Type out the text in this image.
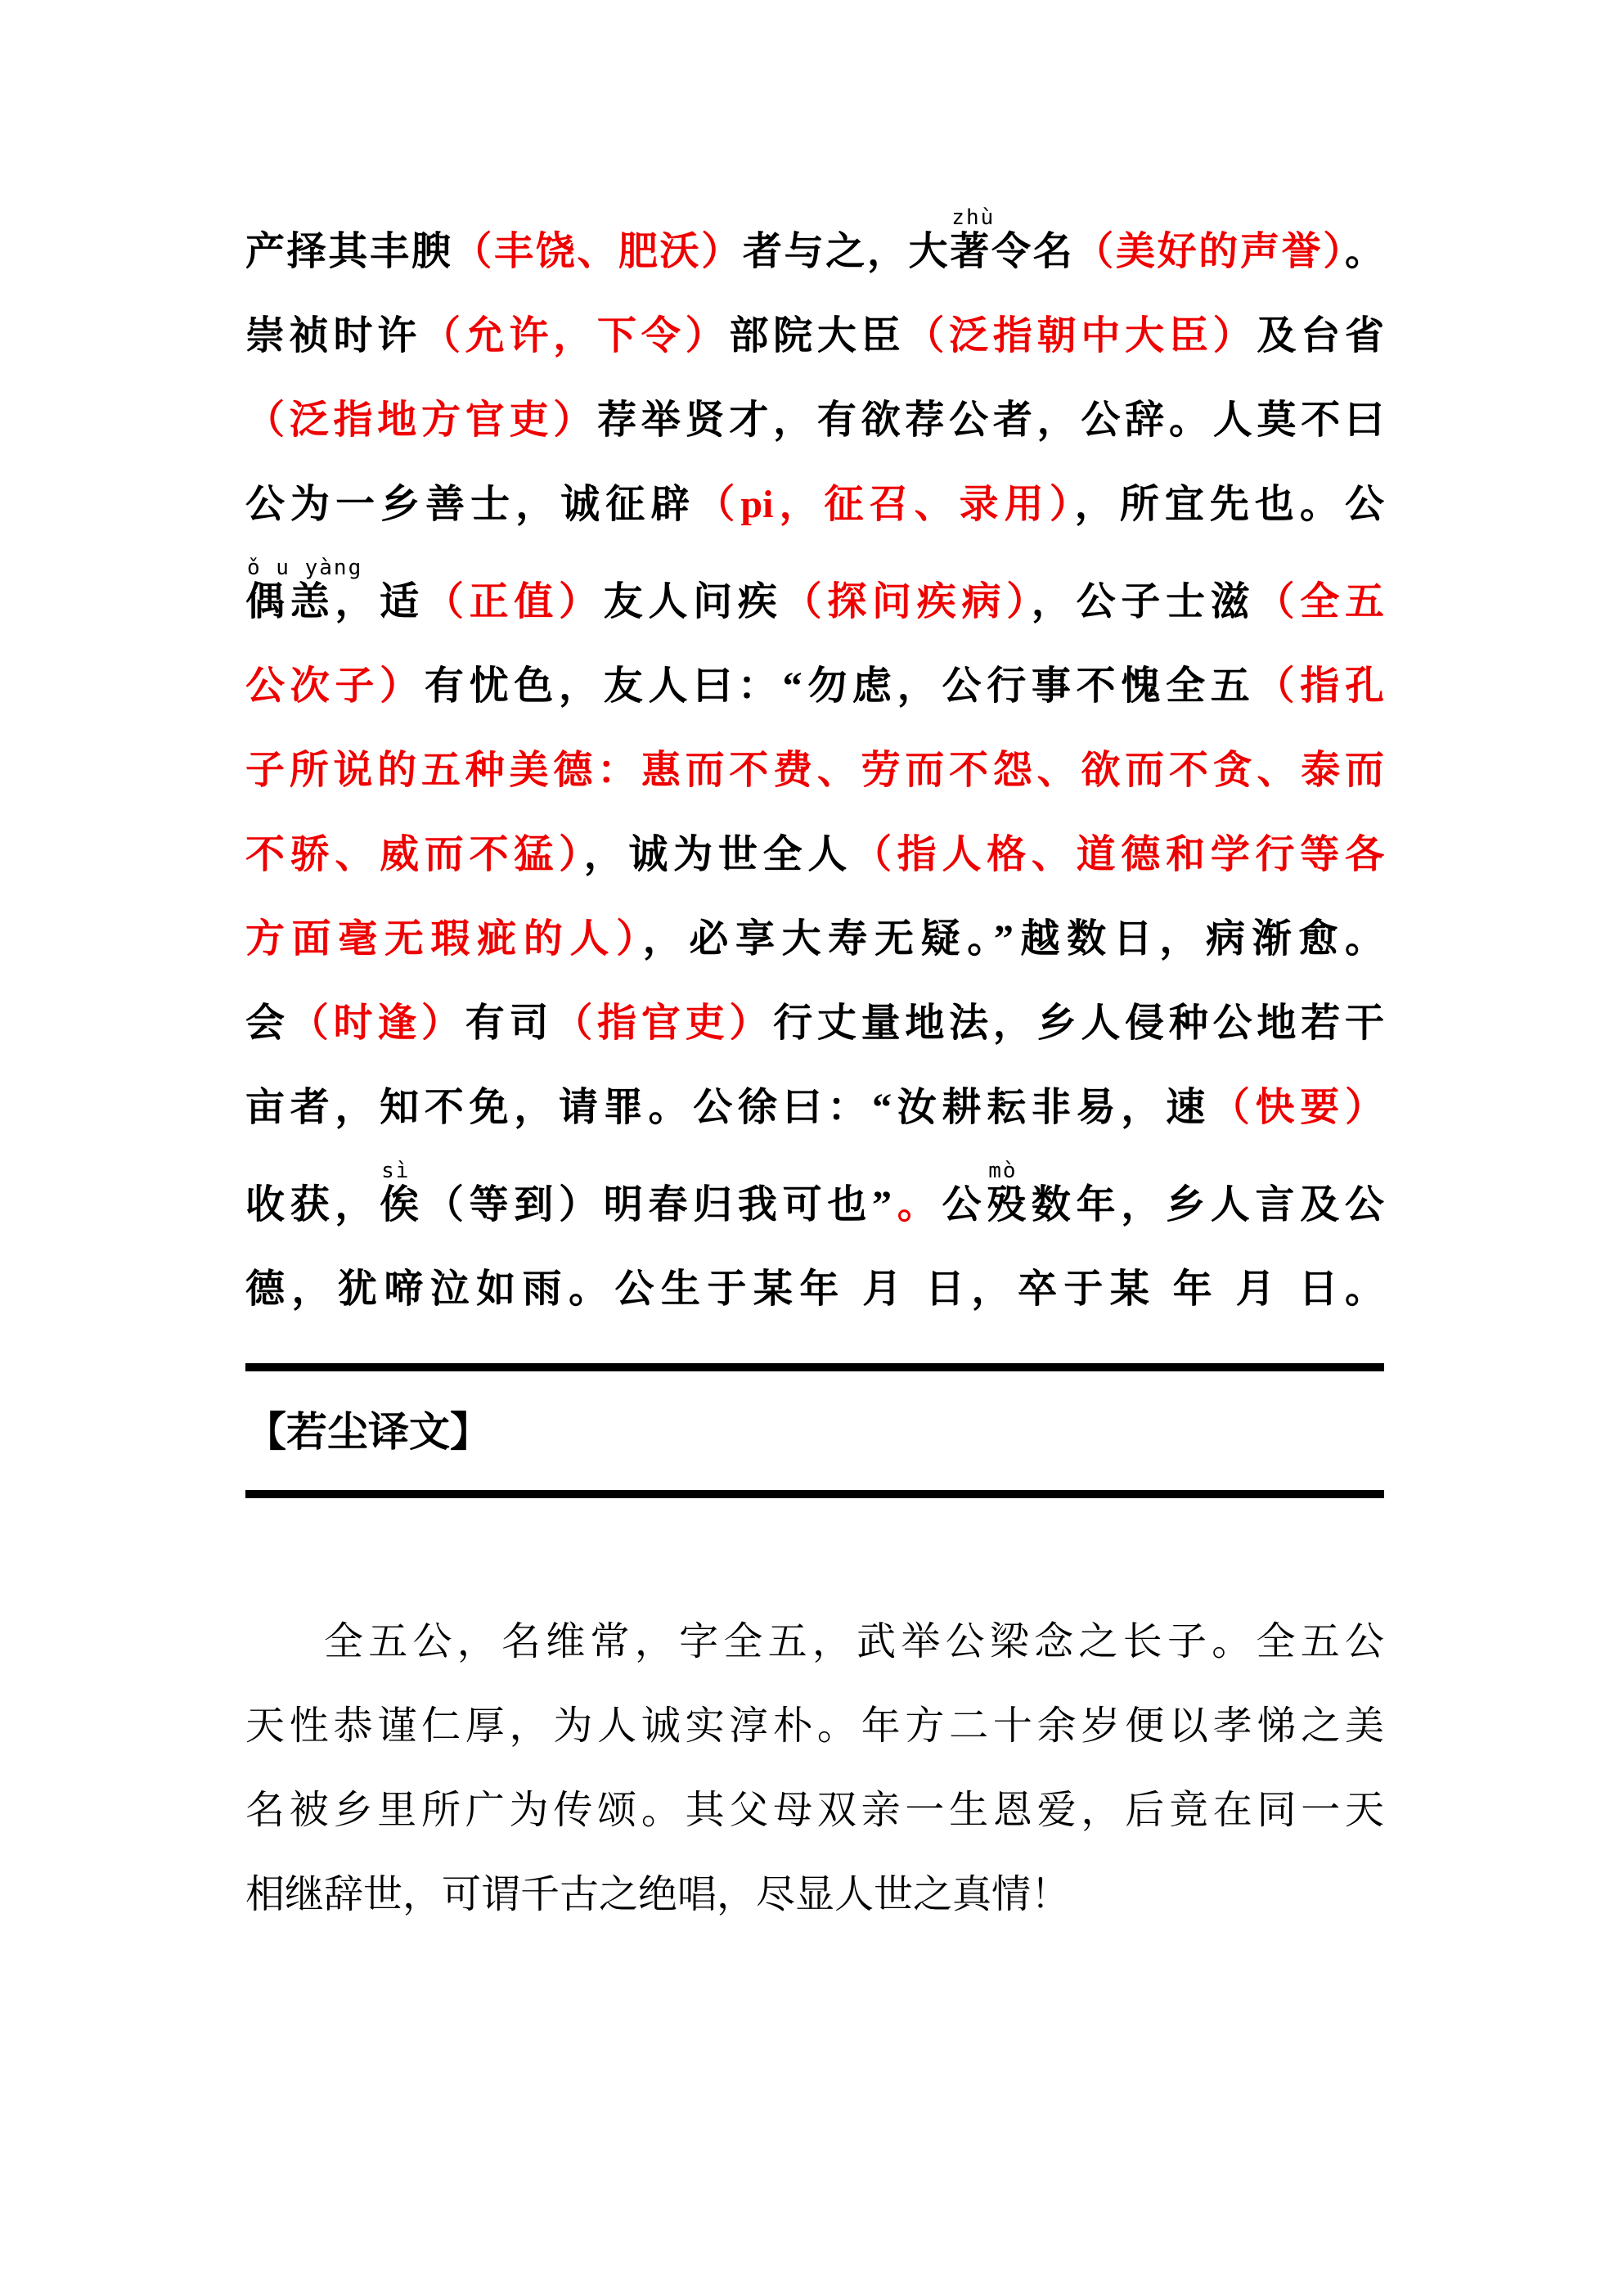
产择其丰腴（丰饶、肥沃）者与之，大
zhù
著令名（美好的声誉）。
崇祯时许（允许，下令）部院大臣（泛指朝中大臣）及台省
（泛指地方官吏）荐举贤才，有欲荐公者，公辞。人莫不曰
公为一乡善士，诚征辟（pi，征召、录用），所宜先也。公
ǒ u yàng
偶恙，适（正值）友人问疾（探问疾病），公子士滋（全五
公次子）有忧色，友人曰：“勿虑，公行事不愧全五（指孔
子所说的五种美德：惠而不费、劳而不怨、欲而不贪、泰而
不骄、威而不猛），诚为世全人（指人格、道德和学行等各
方面毫无瑕疵的人），必享大寿无疑。”越数日，病渐愈。
会（时逢）有司（指官吏）行丈量地法，乡人侵种公地若干
亩者，知不免，请罪。公徐曰：“汝耕耘非易，速（快要）
收获，
sì
俟（等到）明春归我可也”。公
mò
殁数年，乡人言及公
德，犹啼泣如雨。公生于某年 月 日，卒于某 年 月 日。
【若尘译文】
全五公，名维常，字全五，武举公梁念之长子。全五公
天性恭谨仁厚，为人诚实淳朴。年方二十余岁便以孝悌之美
名被乡里所广为传颂。其父母双亲一生恩爱，后竟在同一天
相继辞世，可谓千古之绝唱，尽显人世之真情！
